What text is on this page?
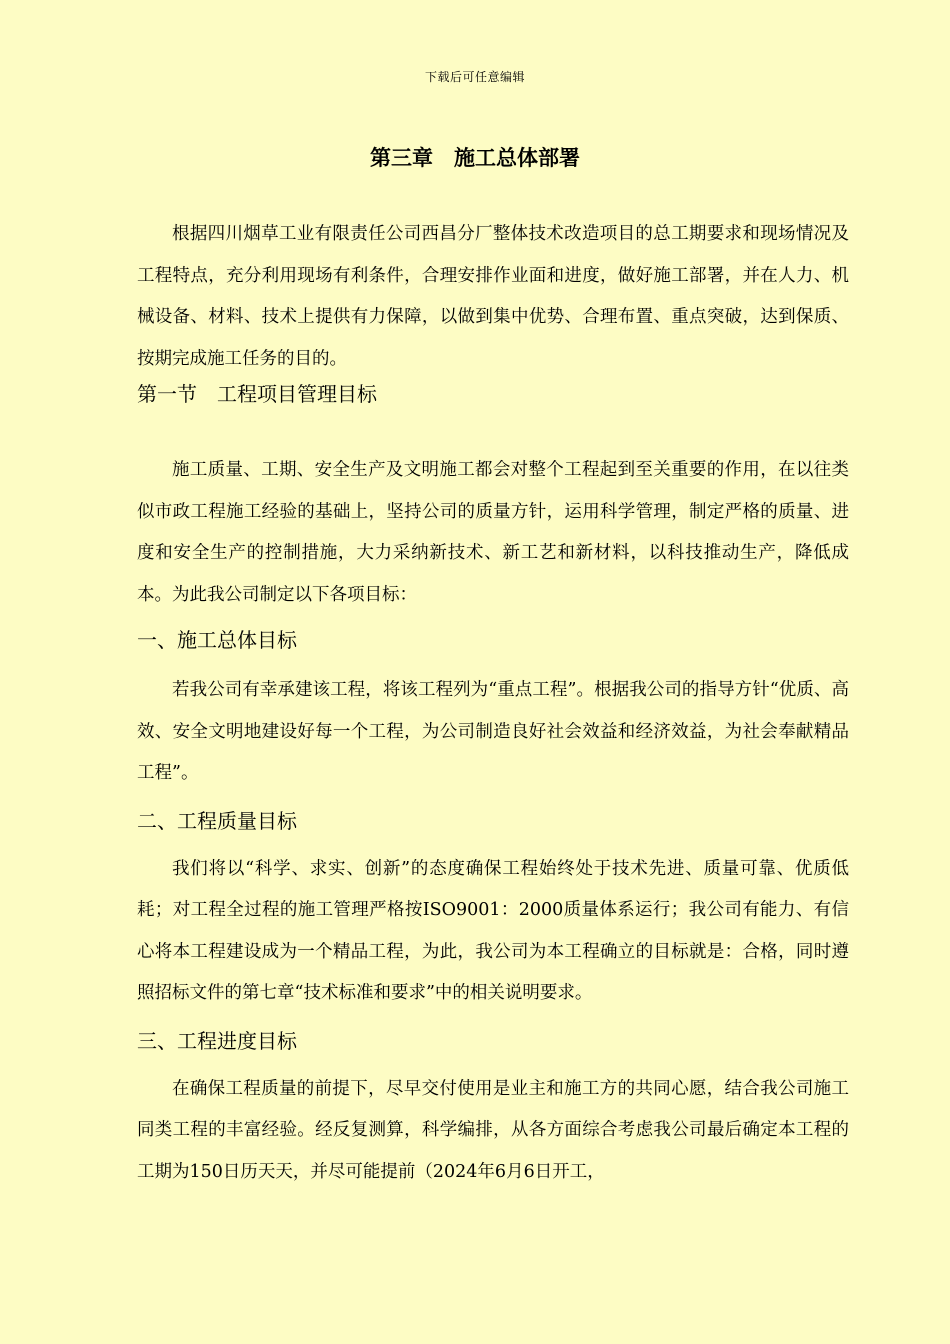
下载后可任意编辑
第三章　施工总体部署

根据四川烟草工业有限责任公司西昌分厂整体技术改造项目的总工期要求和现场情况及工程特点，充分利用现场有利条件，合理安排作业面和进度，做好施工部署，并在人力、机械设备、材料、技术上提供有力保障，以做到集中优势、合理布置、重点突破，达到保质、按期完成施工任务的目的。

第一节　工程项目管理目标

施工质量、工期、安全生产及文明施工都会对整个工程起到至关重要的作用，在以往类似市政工程施工经验的基础上，坚持公司的质量方针，运用科学管理，制定严格的质量、进度和安全生产的控制措施，大力采纳新技术、新工艺和新材料，以科技推动生产，降低成本。为此我公司制定以下各项目标：

一、施工总体目标

若我公司有幸承建该工程，将该工程列为“重点工程”。根据我公司的指导方针“优质、高效、安全文明地建设好每一个工程，为公司制造良好社会效益和经济效益，为社会奉献精品工程”。

二、工程质量目标

我们将以“科学、求实、创新”的态度确保工程始终处于技术先进、质量可靠、优质低耗；对工程全过程的施工管理严格按ISO9001：2000质量体系运行；我公司有能力、有信心将本工程建设成为一个精品工程，为此，我公司为本工程确立的目标就是：合格，同时遵照招标文件的第七章“技术标准和要求”中的相关说明要求。

三、工程进度目标

在确保工程质量的前提下，尽早交付使用是业主和施工方的共同心愿，结合我公司施工同类工程的丰富经验。经反复测算，科学编排，从各方面综合考虑我公司最后确定本工程的工期为150日历天天，并尽可能提前（2024年6月6日开工，
